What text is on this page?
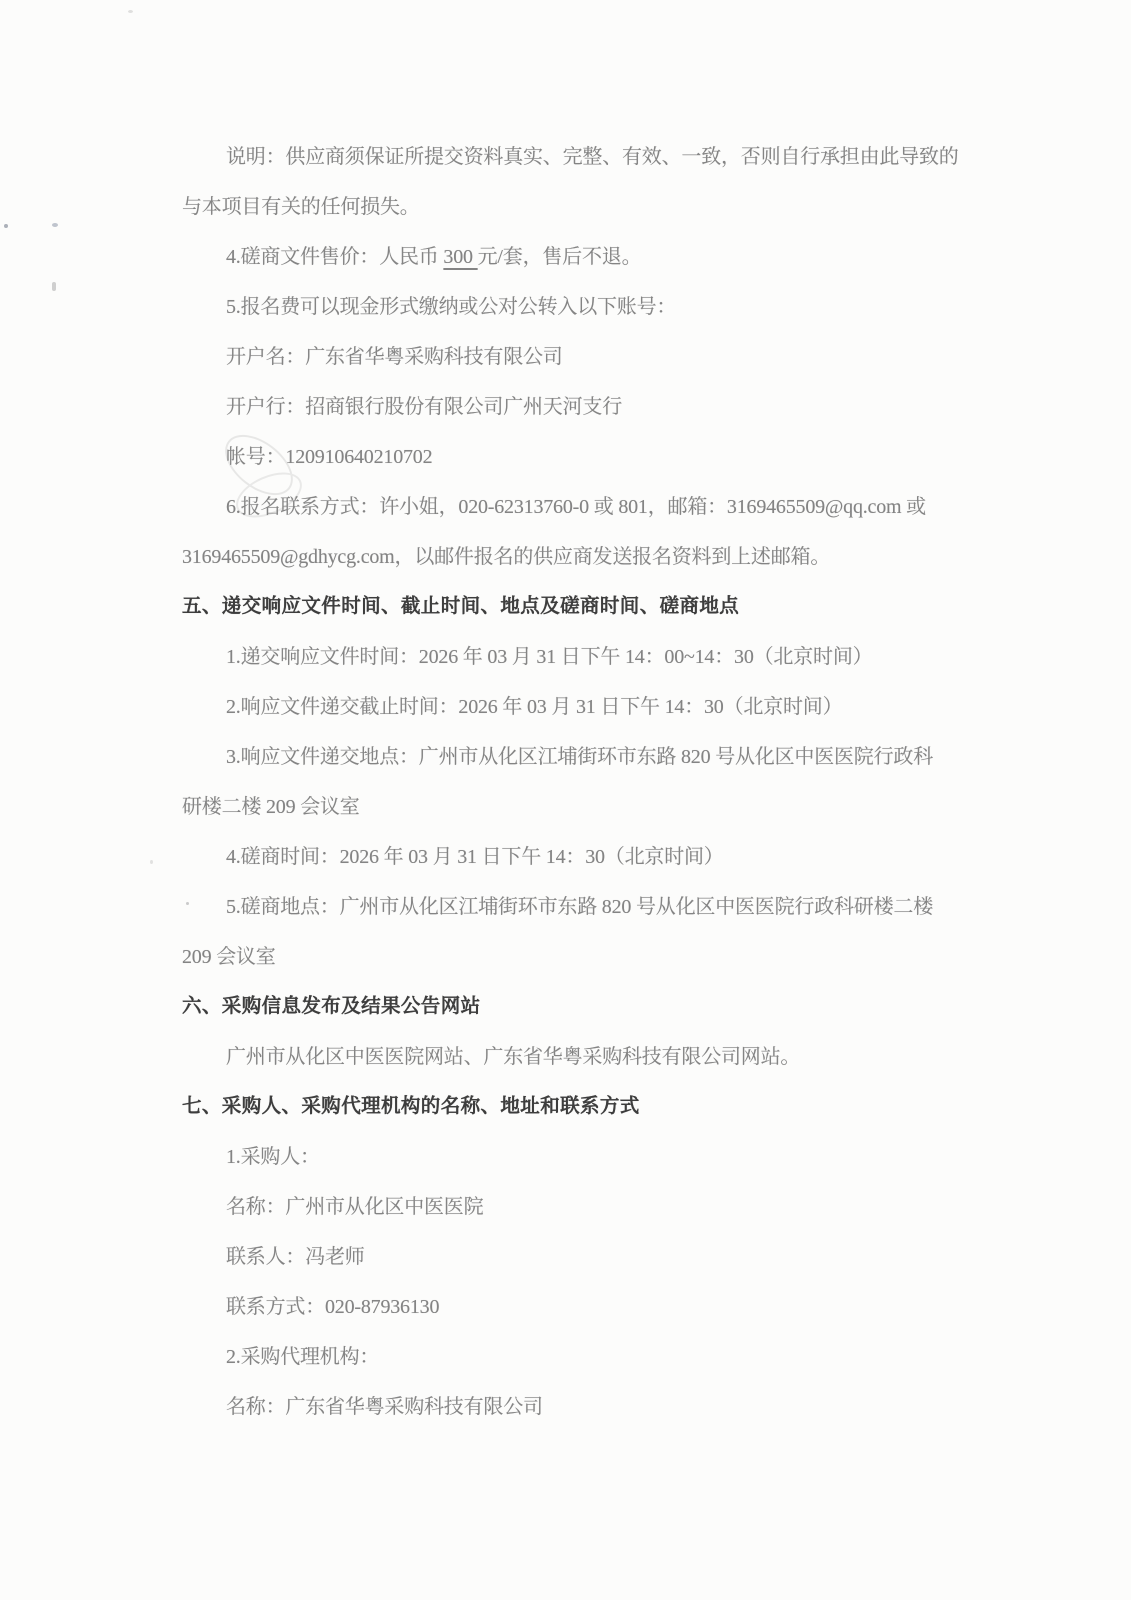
说明：供应商须保证所提交资料真实、完整、有效、一致，否则自行承担由此导致的
与本项目有关的任何损失。
4.磋商文件售价：人民币 300 元/套，售后不退。
5.报名费可以现金形式缴纳或公对公转入以下账号：
开户名：广东省华粤采购科技有限公司
开户行：招商银行股份有限公司广州天河支行
帐号：120910640210702
6.报名联系方式：许小姐，020-62313760-0 或 801，邮箱：3169465509@qq.com 或
3169465509@gdhycg.com，以邮件报名的供应商发送报名资料到上述邮箱。
五、递交响应文件时间、截止时间、地点及磋商时间、磋商地点
1.递交响应文件时间：2026 年 03 月 31 日下午 14：00~14：30（北京时间）
2.响应文件递交截止时间：2026 年 03 月 31 日下午 14：30（北京时间）
3.响应文件递交地点：广州市从化区江埔街环市东路 820 号从化区中医医院行政科
研楼二楼 209 会议室
4.磋商时间：2026 年 03 月 31 日下午 14：30（北京时间）
5.磋商地点：广州市从化区江埔街环市东路 820 号从化区中医医院行政科研楼二楼
209 会议室
六、采购信息发布及结果公告网站
广州市从化区中医医院网站、广东省华粤采购科技有限公司网站。
七、采购人、采购代理机构的名称、地址和联系方式
1.采购人：
名称：广州市从化区中医医院
联系人：冯老师
联系方式：020-87936130
2.采购代理机构：
名称：广东省华粤采购科技有限公司
